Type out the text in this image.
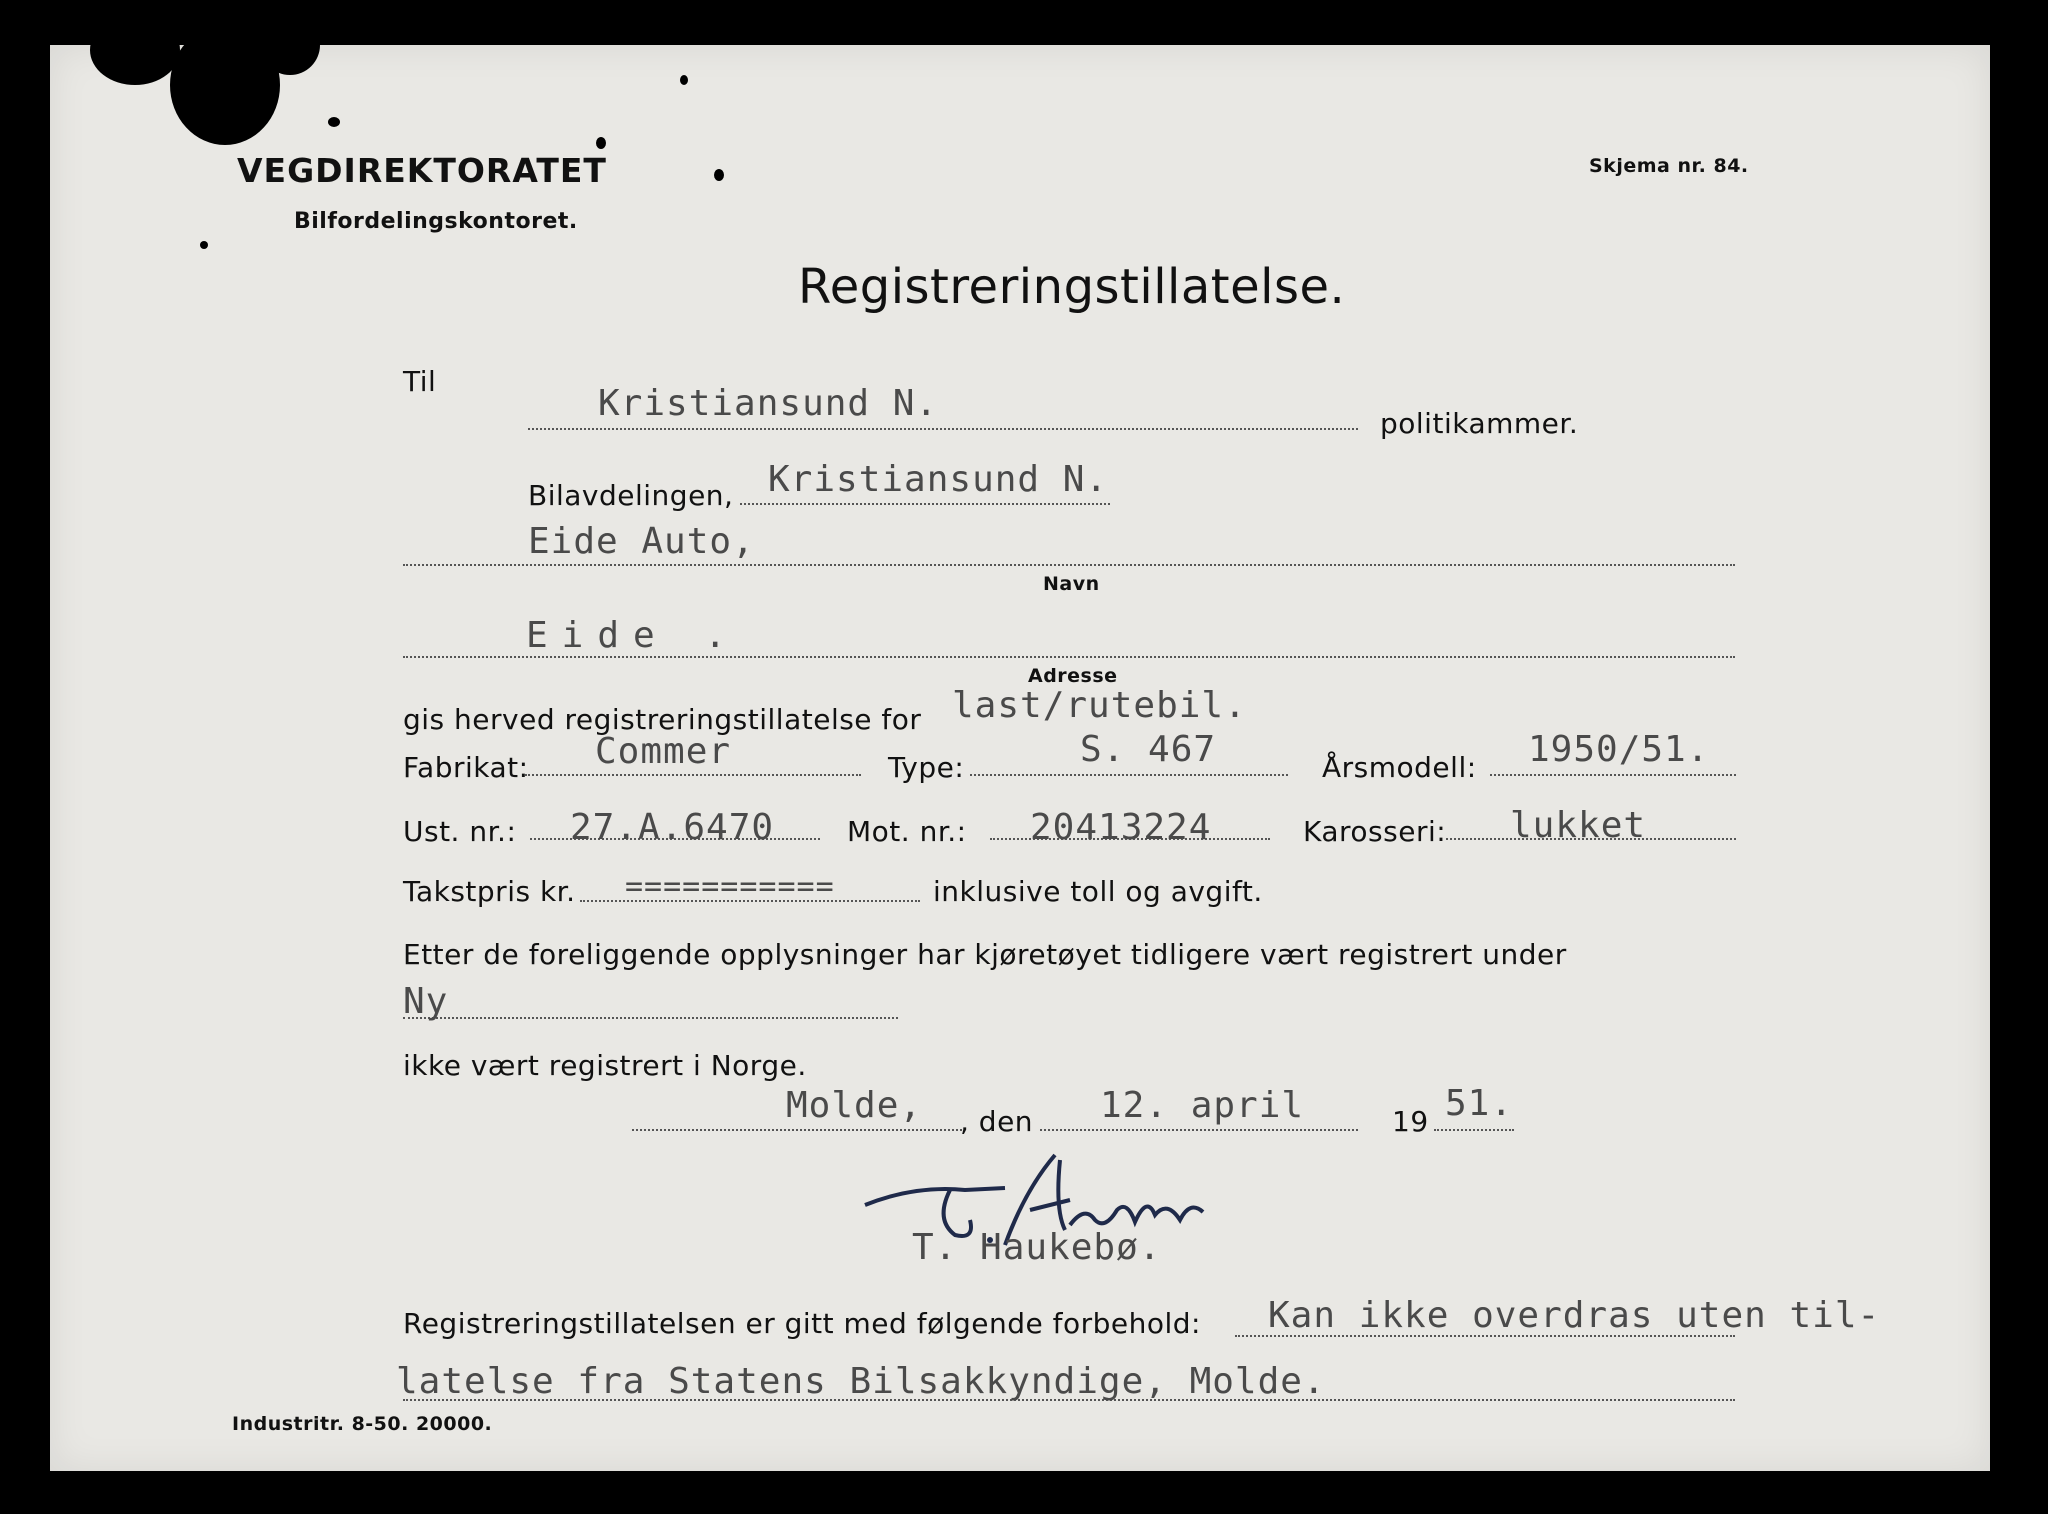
VEGDIREKTORATET
Bilfordelingskontoret.
Skjema nr. 84.
Registreringstillatelse.
Til
Kristiansund N.	politikammer.
Bilavdelingen, Kristiansund N.
Eide Auto,
Navn
Eide .
Adresse
gis herved registreringstillatelse for last/rutebil.
Fabrikat: Commer	Type:	S. 467	Årsmodell: 1950/51.
Ust. nr.: 27.A.6470	Mot. nr.: 20413224	Karosseri: lukket
Takstpris kr. ===========	inklusive toll og avgift.
Etter de foreliggende opplysninger har kjøretøyet tidligere vært registrert under
Ny
ikke vært registrert i Norge.
Molde, , den 12. april	19 51.
T. Haukebø.
Registreringstillatelsen er gitt med følgende forbehold: Kan ikke overdras uten til-
latelse fra Statens Bilsakkyndige, Molde.
Industritr. 8-50. 20000.
